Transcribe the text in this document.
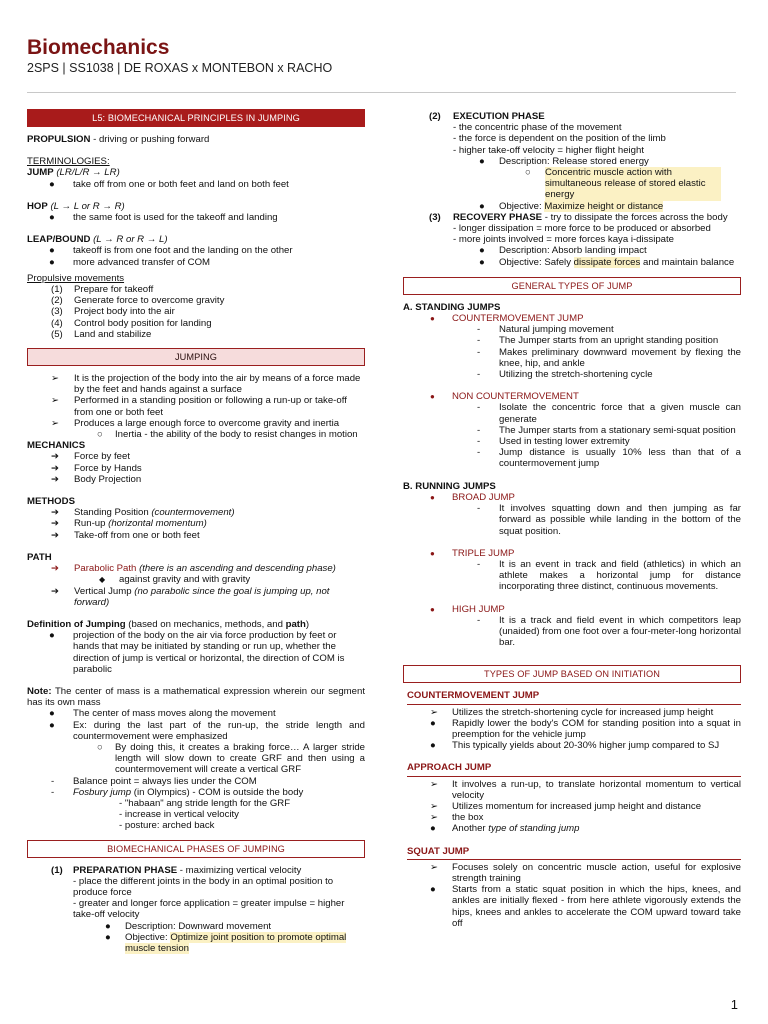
Biomechanics
2SPS | SS1038 | DE ROXAS x MONTEBON x RACHO
L5: BIOMECHANICAL PRINCIPLES IN JUMPING
PROPULSION - driving or pushing forward
TERMINOLOGIES:
JUMP (LR/L/R → LR)
●	take off from one or both feet and land on both feet
HOP (L → L or R → R)
●	the same foot is used for the takeoff and landing
LEAP/BOUND (L → R or R → L)
●	takeoff is from one foot and the landing on the other
●	more advanced transfer of COM
Propulsive movements
(1) Prepare for takeoff
(2) Generate force to overcome gravity
(3) Project body into the air
(4) Control body position for landing
(5) Land and stabilize
JUMPING
➢ It is the projection of the body into the air by means of a force made by the feet and hands against a surface
➢ Performed in a standing position or following a run-up or take-off from one or both feet
➢ Produces a large enough force to overcome gravity and inertia
○ Inertia - the ability of the body to resist changes in motion
MECHANICS
➔ Force by feet
➔ Force by Hands
➔ Body Projection
METHODS
➔ Standing Position (countermovement)
➔ Run-up (horizontal momentum)
➔ Take-off from one or both feet
PATH
➔ Parabolic Path (there is an ascending and descending phase)
◆ against gravity and with gravity
➔ Vertical Jump (no parabolic since the goal is jumping up, not forward)
Definition of Jumping (based on mechanics, methods, and path)
●	projection of the body on the air via force production by feet or hands that may be initiated by standing or run up, whether the direction of jump is vertical or horizontal, the direction of COM is parabolic
Note: The center of mass is a mathematical expression wherein our segment has its own mass
●	The center of mass moves along the movement
●	Ex: during the last part of the run-up, the stride length and countermovement were emphasized
○ By doing this, it creates a braking force… A larger stride length will slow down to create GRF and then using a countermovement will create a vertical GRF
- Balance point = always lies under the COM
- Fosbury jump (in Olympics) - COM is outside the body
- "habaan" ang stride length for the GRF
- increase in vertical velocity
- posture: arched back
BIOMECHANICAL PHASES OF JUMPING
(1) PREPARATION PHASE - maximizing vertical velocity
- place the different joints in the body in an optimal position to produce force
- greater and longer force application = greater impulse = higher take-off velocity
● Description: Downward movement
● Objective: Optimize joint position to promote optimal muscle tension
(2) EXECUTION PHASE
- the concentric phase of the movement
- the force is dependent on the position of the limb
- higher take-off velocity = higher flight height
● Description: Release stored energy
○ Concentric muscle action with simultaneous release of stored elastic energy
● Objective: Maximize height or distance
(3) RECOVERY PHASE - try to dissipate the forces across the body
- longer dissipation = more force to be produced or absorbed
- more joints involved = more forces kaya i-dissipate
● Description: Absorb landing impact
● Objective: Safely dissipate forces and maintain balance
GENERAL TYPES OF JUMP
A. STANDING JUMPS
● COUNTERMOVEMENT JUMP
- Natural jumping movement
- The Jumper starts from an upright standing position
- Makes preliminary downward movement by flexing the knee, hip, and ankle
- Utilizing the stretch-shortening cycle
● NON COUNTERMOVEMENT
- Isolate the concentric force that a given muscle can generate
- The Jumper starts from a stationary semi-squat position
- Used in testing lower extremity
- Jump distance is usually 10% less than that of a countermovement jump
B. RUNNING JUMPS
● BROAD JUMP
- It involves squatting down and then jumping as far forward as possible while landing in the bottom of the squat position.
● TRIPLE JUMP
- It is an event in track and field (athletics) in which an athlete makes a horizontal jump for distance incorporating three distinct, continuous movements.
● HIGH JUMP
- It is a track and field event in which competitors leap (unaided) from one foot over a four-meter-long horizontal bar.
TYPES OF JUMP BASED ON INITIATION
COUNTERMOVEMENT JUMP
➢ Utilizes the stretch-shortening cycle for increased jump height
● Rapidly lower the body's COM for standing position into a squat in preemption for the vehicle jump
● This typically yields about 20-30% higher jump compared to SJ
APPROACH JUMP
➢ It involves a run-up, to translate horizontal momentum to vertical velocity
➢ Utilizes momentum for increased jump height and distance
➢ the box
● Another type of standing jump
SQUAT JUMP
➢ Focuses solely on concentric muscle action, useful for explosive strength training
● Starts from a static squat position in which the hips, knees, and ankles are initially flexed - from here athlete vigorously extends the hips, knees and ankles to accelerate the COM upward toward take off
1
